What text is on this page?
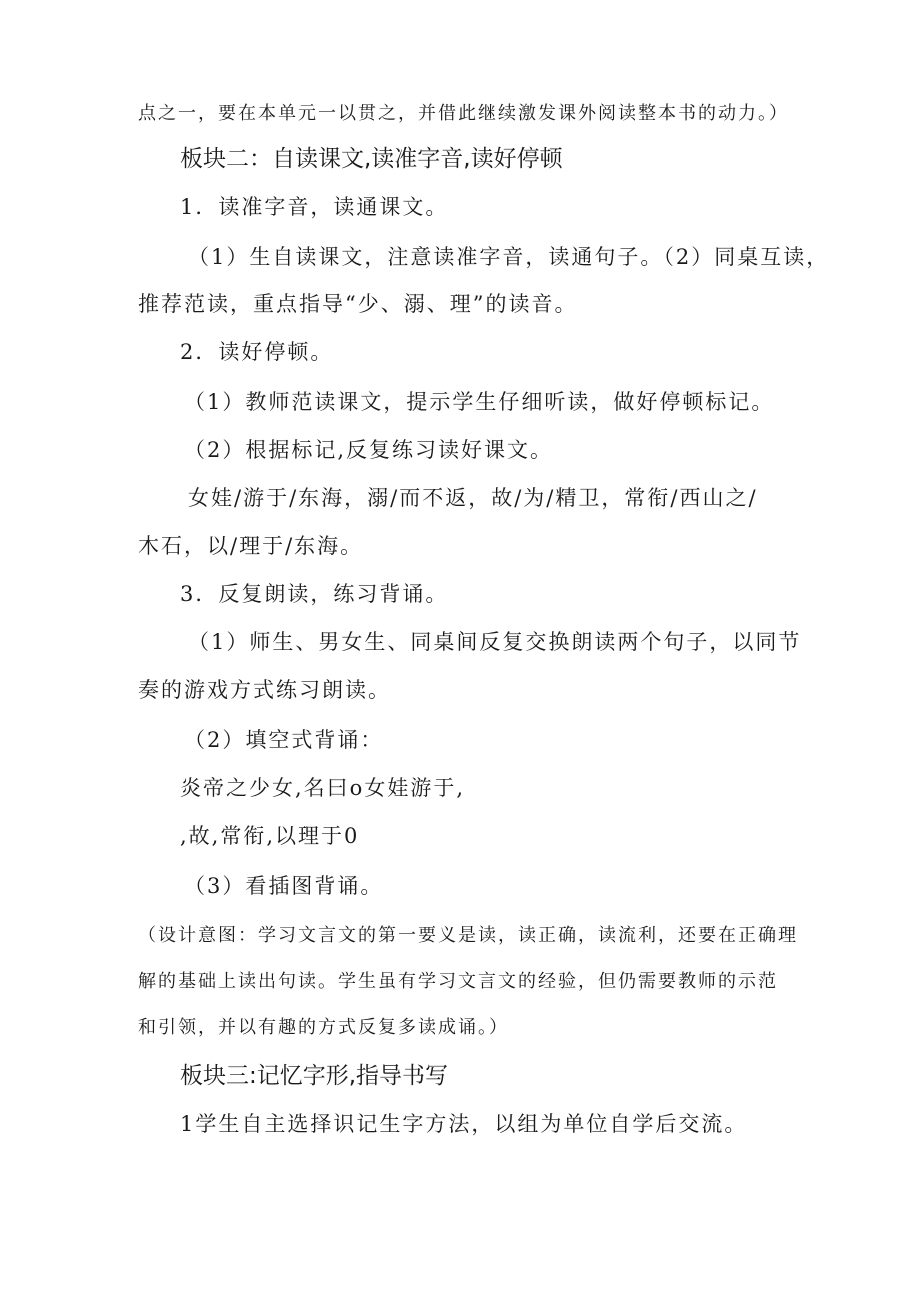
点之一，要在本单元一以贯之，并借此继续激发课外阅读整本书的动力。）
板块二：自读课文,读准字音,读好停顿
1．读准字音，读通课文。
（1）生自读课文，注意读准字音，读通句子。（2）同桌互读，
推荐范读，重点指导“少、溺、理”的读音。
2．读好停顿。
（1）教师范读课文，提示学生仔细听读，做好停顿标记。
（2）根据标记,反复练习读好课文。
女娃/游于/东海，溺/而不返，故/为/精卫，常衔/西山之/
木石，以/理于/东海。
3．反复朗读，练习背诵。
（1）师生、男女生、同桌间反复交换朗读两个句子，以同节
奏的游戏方式练习朗读。
（2）填空式背诵：
炎帝之少女,名曰o女娃游于,
,故,常衔,以理于0
（3）看插图背诵。
（设计意图：学习文言文的第一要义是读，读正确，读流利，还要在正确理
解的基础上读出句读。学生虽有学习文言文的经验，但仍需要教师的示范
和引领，并以有趣的方式反复多读成诵。）
板块三:记忆字形,指导书写
1学生自主选择识记生字方法，以组为单位自学后交流。
